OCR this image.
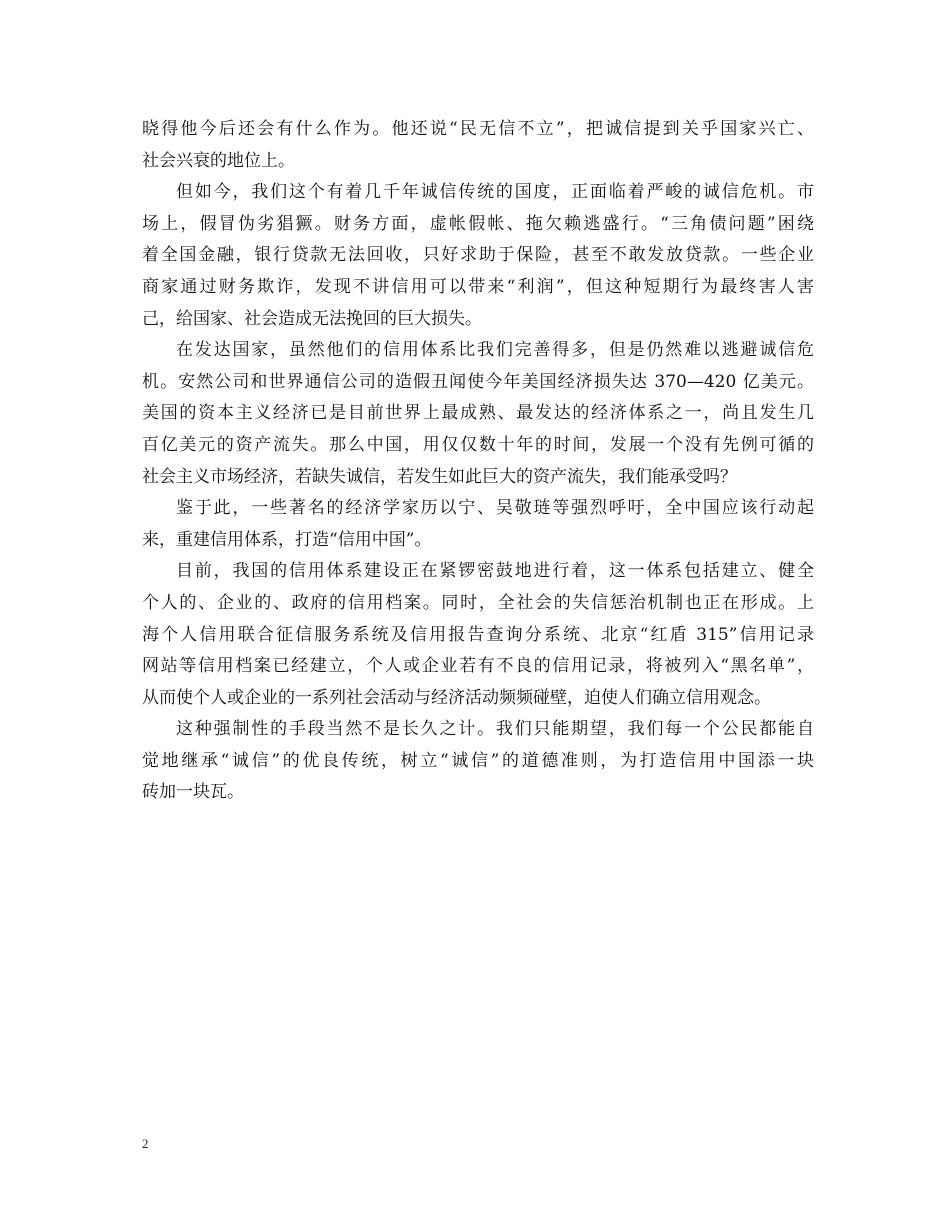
晓得他今后还会有什么作为。他还说“民无信不立”，把诚信提到关乎国家兴亡、
社会兴衰的地位上。
但如今，我们这个有着几千年诚信传统的国度，正面临着严峻的诚信危机。市
场上，假冒伪劣猖獗。财务方面，虚帐假帐、拖欠赖逃盛行。“三角债问题”困绕
着全国金融，银行贷款无法回收，只好求助于保险，甚至不敢发放贷款。一些企业
商家通过财务欺诈，发现不讲信用可以带来“利润”，但这种短期行为最终害人害
己，给国家、社会造成无法挽回的巨大损失。
在发达国家，虽然他们的信用体系比我们完善得多，但是仍然难以逃避诚信危
机。安然公司和世界通信公司的造假丑闻使今年美国经济损失达 370—420 亿美元。
美国的资本主义经济已是目前世界上最成熟、最发达的经济体系之一，尚且发生几
百亿美元的资产流失。那么中国，用仅仅数十年的时间，发展一个没有先例可循的
社会主义市场经济，若缺失诚信，若发生如此巨大的资产流失，我们能承受吗？
鉴于此，一些著名的经济学家历以宁、吴敬琏等强烈呼吁，全中国应该行动起
来，重建信用体系，打造“信用中国”。
目前，我国的信用体系建设正在紧锣密鼓地进行着，这一体系包括建立、健全
个人的、企业的、政府的信用档案。同时，全社会的失信惩治机制也正在形成。上
海个人信用联合征信服务系统及信用报告查询分系统、北京“红盾 315”信用记录
网站等信用档案已经建立，个人或企业若有不良的信用记录，将被列入“黑名单”，
从而使个人或企业的一系列社会活动与经济活动频频碰壁，迫使人们确立信用观念。
这种强制性的手段当然不是长久之计。我们只能期望，我们每一个公民都能自
觉地继承“诚信”的优良传统，树立“诚信”的道德准则，为打造信用中国添一块
砖加一块瓦。
2
